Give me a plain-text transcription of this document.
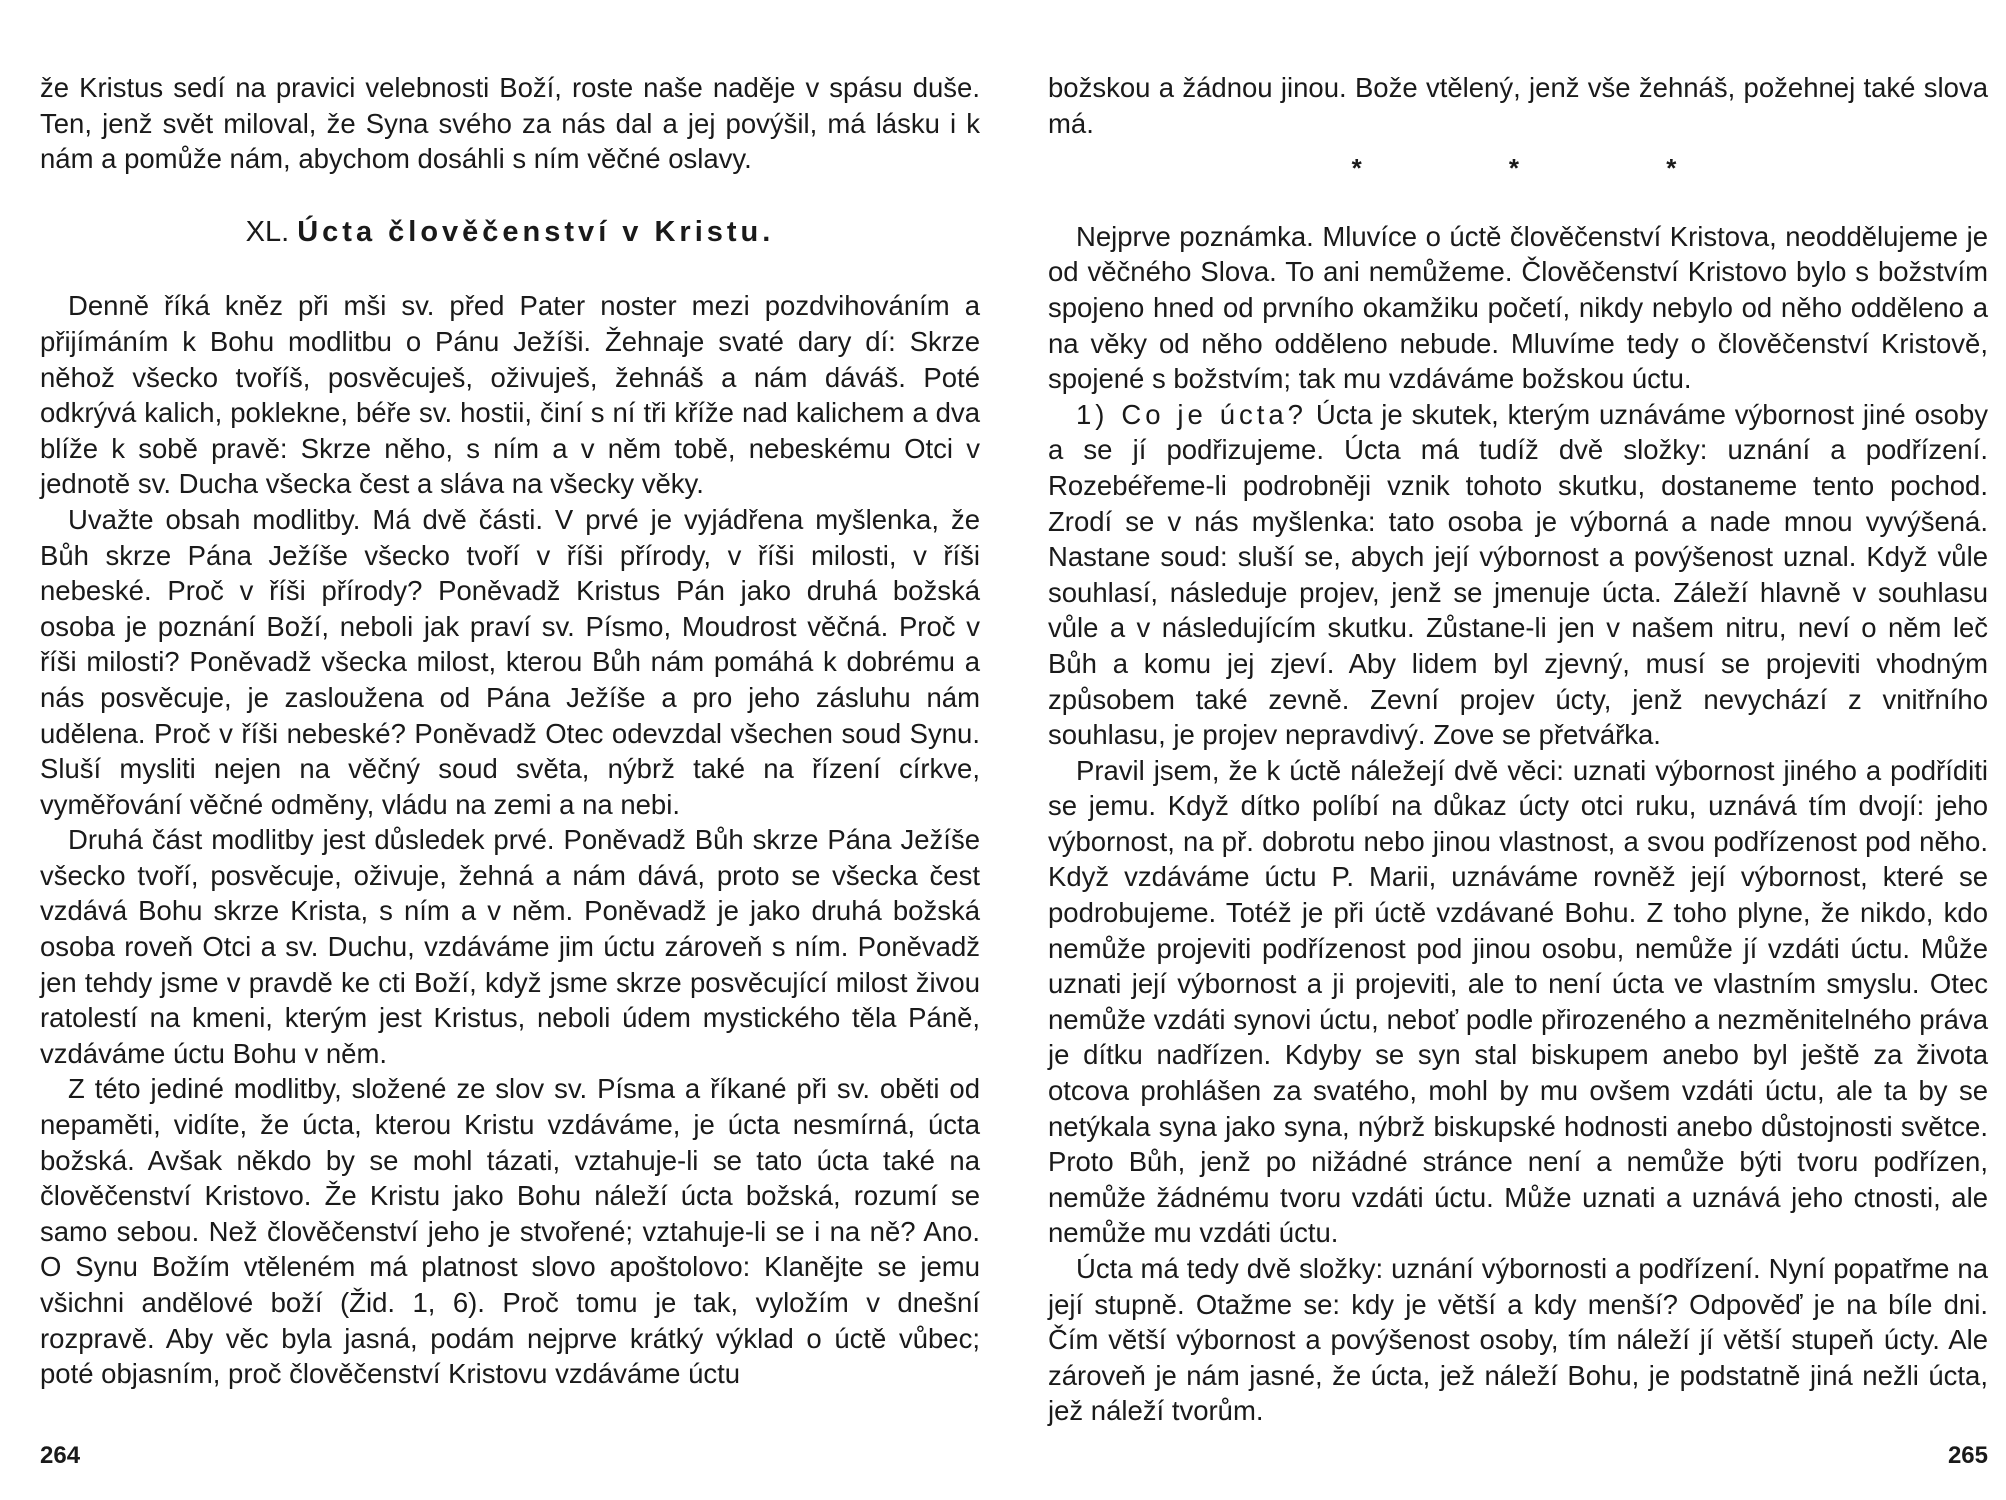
že Kristus sedí na pravici velebnosti Boží, roste naše naděje v spásu duše. Ten, jenž svět miloval, že Syna svého za nás dal a jej povýšil, má lásku i k nám a pomůže nám, abychom dosáhli s ním věčné oslavy.

XL. Úcta člověčenství v Kristu.

Denně říká kněz při mši sv. před Pater noster mezi pozdvihováním a přijímáním k Bohu modlitbu o Pánu Ježíši. Žehnaje svaté dary dí: Skrze něhož všecko tvoříš, posvěcuješ, oživuješ, žehnáš a nám dáváš. Poté odkrývá kalich, poklekne, béře sv. hostii, činí s ní tři kříže nad kalichem a dva blíže k sobě pravě: Skrze něho, s ním a v něm tobě, nebeskému Otci v jednotě sv. Ducha všecka čest a sláva na všecky věky.

Uvažte obsah modlitby. Má dvě části. V prvé je vyjádřena myšlenka, že Bůh skrze Pána Ježíše všecko tvoří v říši přírody, v říši milosti, v říši nebeské. Proč v říši přírody? Poněvadž Kristus Pán jako druhá božská osoba je poznání Boží, neboli jak praví sv. Písmo, Moudrost věčná. Proč v říši milosti? Poněvadž všecka milost, kterou Bůh nám pomáhá k dobrému a nás posvěcuje, je zasloužena od Pána Ježíše a pro jeho zásluhu nám udělena. Proč v říši nebeské? Poněvadž Otec odevzdal všechen soud Synu. Sluší mysliti nejen na věčný soud světa, nýbrž také na řízení církve, vyměřování věčné odměny, vládu na zemi a na nebi.

Druhá část modlitby jest důsledek prvé. Poněvadž Bůh skrze Pána Ježíše všecko tvoří, posvěcuje, oživuje, žehná a nám dává, proto se všecka čest vzdává Bohu skrze Krista, s ním a v něm. Poněvadž je jako druhá božská osoba roveň Otci a sv. Duchu, vzdáváme jim úctu zároveň s ním. Poněvadž jen tehdy jsme v pravdě ke cti Boží, když jsme skrze posvěcující milost živou ratolestí na kmeni, kterým jest Kristus, neboli údem mystického těla Páně, vzdáváme úctu Bohu v něm.

Z této jediné modlitby, složené ze slov sv. Písma a říkané při sv. oběti od nepaměti, vidíte, že úcta, kterou Kristu vzdáváme, je úcta nesmírná, úcta božská. Avšak někdo by se mohl tázati, vztahuje-li se tato úcta také na člověčenství Kristovo. Že Kristu jako Bohu náleží úcta božská, rozumí se samo sebou. Než člověčenství jeho je stvořené; vztahuje-li se i na ně? Ano. O Synu Božím vtěleném má platnost slovo apoštolovo: Klanějte se jemu všichni andělové boží (Žid. 1, 6). Proč tomu je tak, vyložím v dnešní rozpravě. Aby věc byla jasná, podám nejprve krátký výklad o úctě vůbec; poté objasním, proč člověčenství Kristovu vzdáváme úctu

264

božskou a žádnou jinou. Bože vtělený, jenž vše žehnáš, požehnej také slova má.

* * *

Nejprve poznámka. Mluvíce o úctě člověčenství Kristova, neoddělujeme je od věčného Slova. To ani nemůžeme. Člověčenství Kristovo bylo s božstvím spojeno hned od prvního okamžiku početí, nikdy nebylo od něho odděleno a na věky od něho odděleno nebude. Mluvíme tedy o člověčenství Kristově, spojené s božstvím; tak mu vzdáváme božskou úctu.

1) Co je úcta? Úcta je skutek, kterým uznáváme výbornost jiné osoby a se jí podřizujeme. Úcta má tudíž dvě složky: uznání a podřízení. Rozebéřeme-li podrobněji vznik tohoto skutku, dostaneme tento pochod. Zrodí se v nás myšlenka: tato osoba je výborná a nade mnou vyvýšená. Nastane soud: sluší se, abych její výbornost a povýšenost uznal. Když vůle souhlasí, následuje projev, jenž se jmenuje úcta. Záleží hlavně v souhlasu vůle a v následujícím skutku. Zůstane-li jen v našem nitru, neví o něm leč Bůh a komu jej zjeví. Aby lidem byl zjevný, musí se projeviti vhodným způsobem také zevně. Zevní projev úcty, jenž nevychází z vnitřního souhlasu, je projev nepravdivý. Zove se přetvářka.

Pravil jsem, že k úctě náležejí dvě věci: uznati výbornost jiného a podříditi se jemu. Když dítko políbí na důkaz úcty otci ruku, uznává tím dvojí: jeho výbornost, na př. dobrotu nebo jinou vlastnost, a svou podřízenost pod něho. Když vzdáváme úctu P. Marii, uznáváme rovněž její výbornost, které se podrobujeme. Totéž je při úctě vzdávané Bohu. Z toho plyne, že nikdo, kdo nemůže projeviti podřízenost pod jinou osobu, nemůže jí vzdáti úctu. Může uznati její výbornost a ji projeviti, ale to není úcta ve vlastním smyslu. Otec nemůže vzdáti synovi úctu, neboť podle přirozeného a nezměnitelného práva je dítku nadřízen. Kdyby se syn stal biskupem anebo byl ještě za života otcova prohlášen za svatého, mohl by mu ovšem vzdáti úctu, ale ta by se netýkala syna jako syna, nýbrž biskupské hodnosti anebo důstojnosti světce. Proto Bůh, jenž po nižádné stránce není a nemůže býti tvoru podřízen, nemůže žádnému tvoru vzdáti úctu. Může uznati a uznává jeho ctnosti, ale nemůže mu vzdáti úctu.

Úcta má tedy dvě složky: uznání výbornosti a podřízení. Nyní popatřme na její stupně. Otažme se: kdy je větší a kdy menší? Odpověď je na bíle dni. Čím větší výbornost a povýšenost osoby, tím náleží jí větší stupeň úcty. Ale zároveň je nám jasné, že úcta, jež náleží Bohu, je podstatně jiná nežli úcta, jež náleží tvorům.

265
